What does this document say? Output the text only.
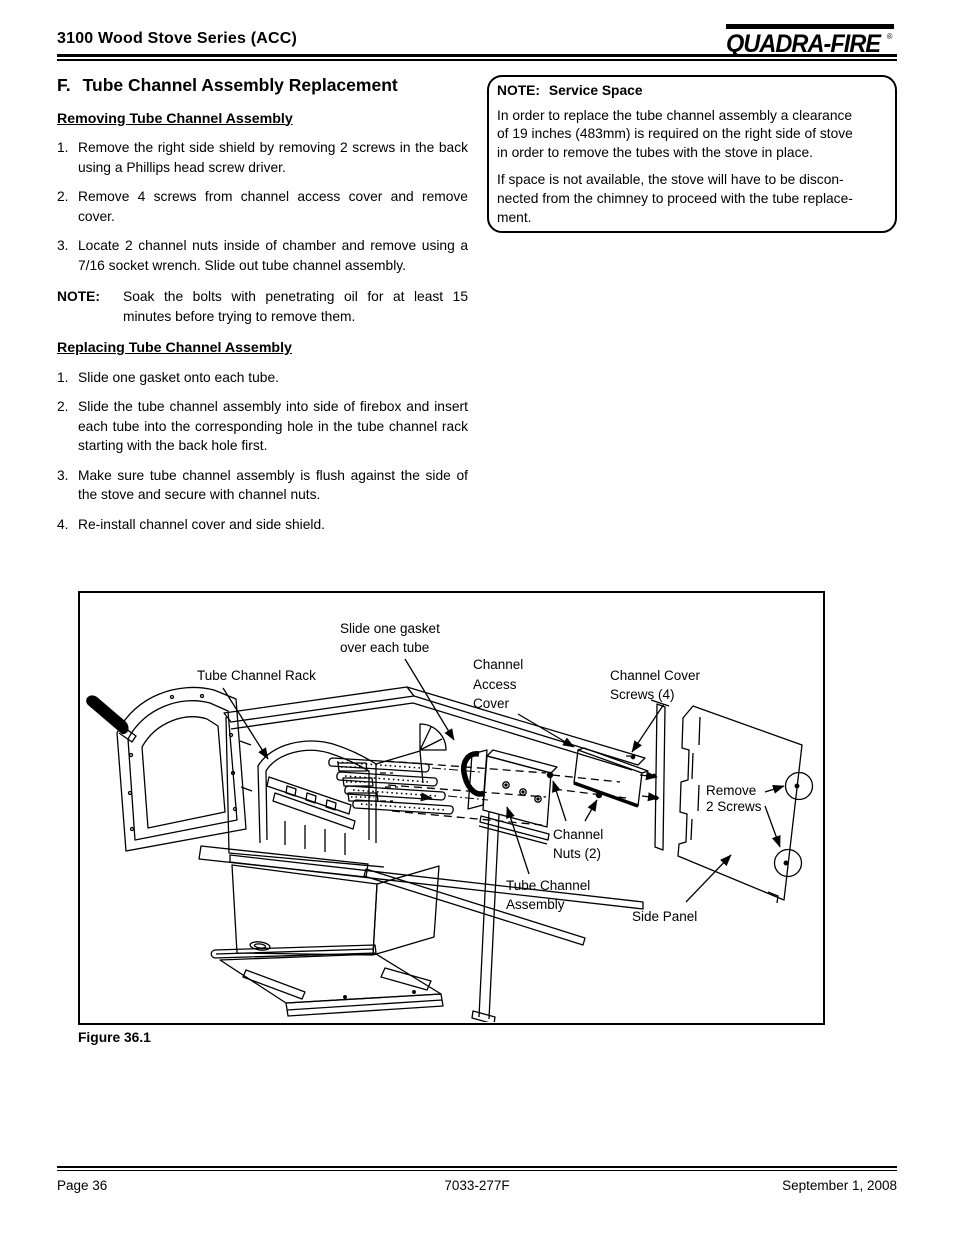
3100 Wood Stove Series (ACC)	QUADRA-FIRE ®
F. Tube Channel Assembly Replacement
Removing Tube Channel Assembly
1. Remove the right side shield by removing 2 screws in the back using a Phillips head screw driver.
2. Remove 4 screws from channel access cover and remove cover.
3. Locate 2 channel nuts inside of chamber and remove using a 7/16 socket wrench. Slide out tube channel assembly.
NOTE: Soak the bolts with penetrating oil for at least 15 minutes before trying to remove them.
Replacing Tube Channel Assembly
1. Slide one gasket onto each tube.
2. Slide the tube channel assembly into side of firebox and insert each tube into the corresponding hole in the tube channel rack starting with the back hole first.
3. Make sure tube channel assembly is flush against the side of the stove and secure with channel nuts.
4. Re-install channel cover and side shield.
NOTE: Service Space
In order to replace the tube channel assembly a clearance
of 19 inches (483mm) is required on the right side of stove
in order to remove the tubes with the stove in place.
If space is not available, the stove will have to be discon-
nected from the chimney to proceed with the tube replace-
ment.
Slide one gasket
over each tube
Tube Channel Rack
Channel
Access
Cover
Channel Cover
Screws (4)
Remove
2 Screws
Channel
Nuts (2)
Tube Channel
Assembly
Side Panel
Figure 36.1
Page 36	7033-277F	September 1, 2008
